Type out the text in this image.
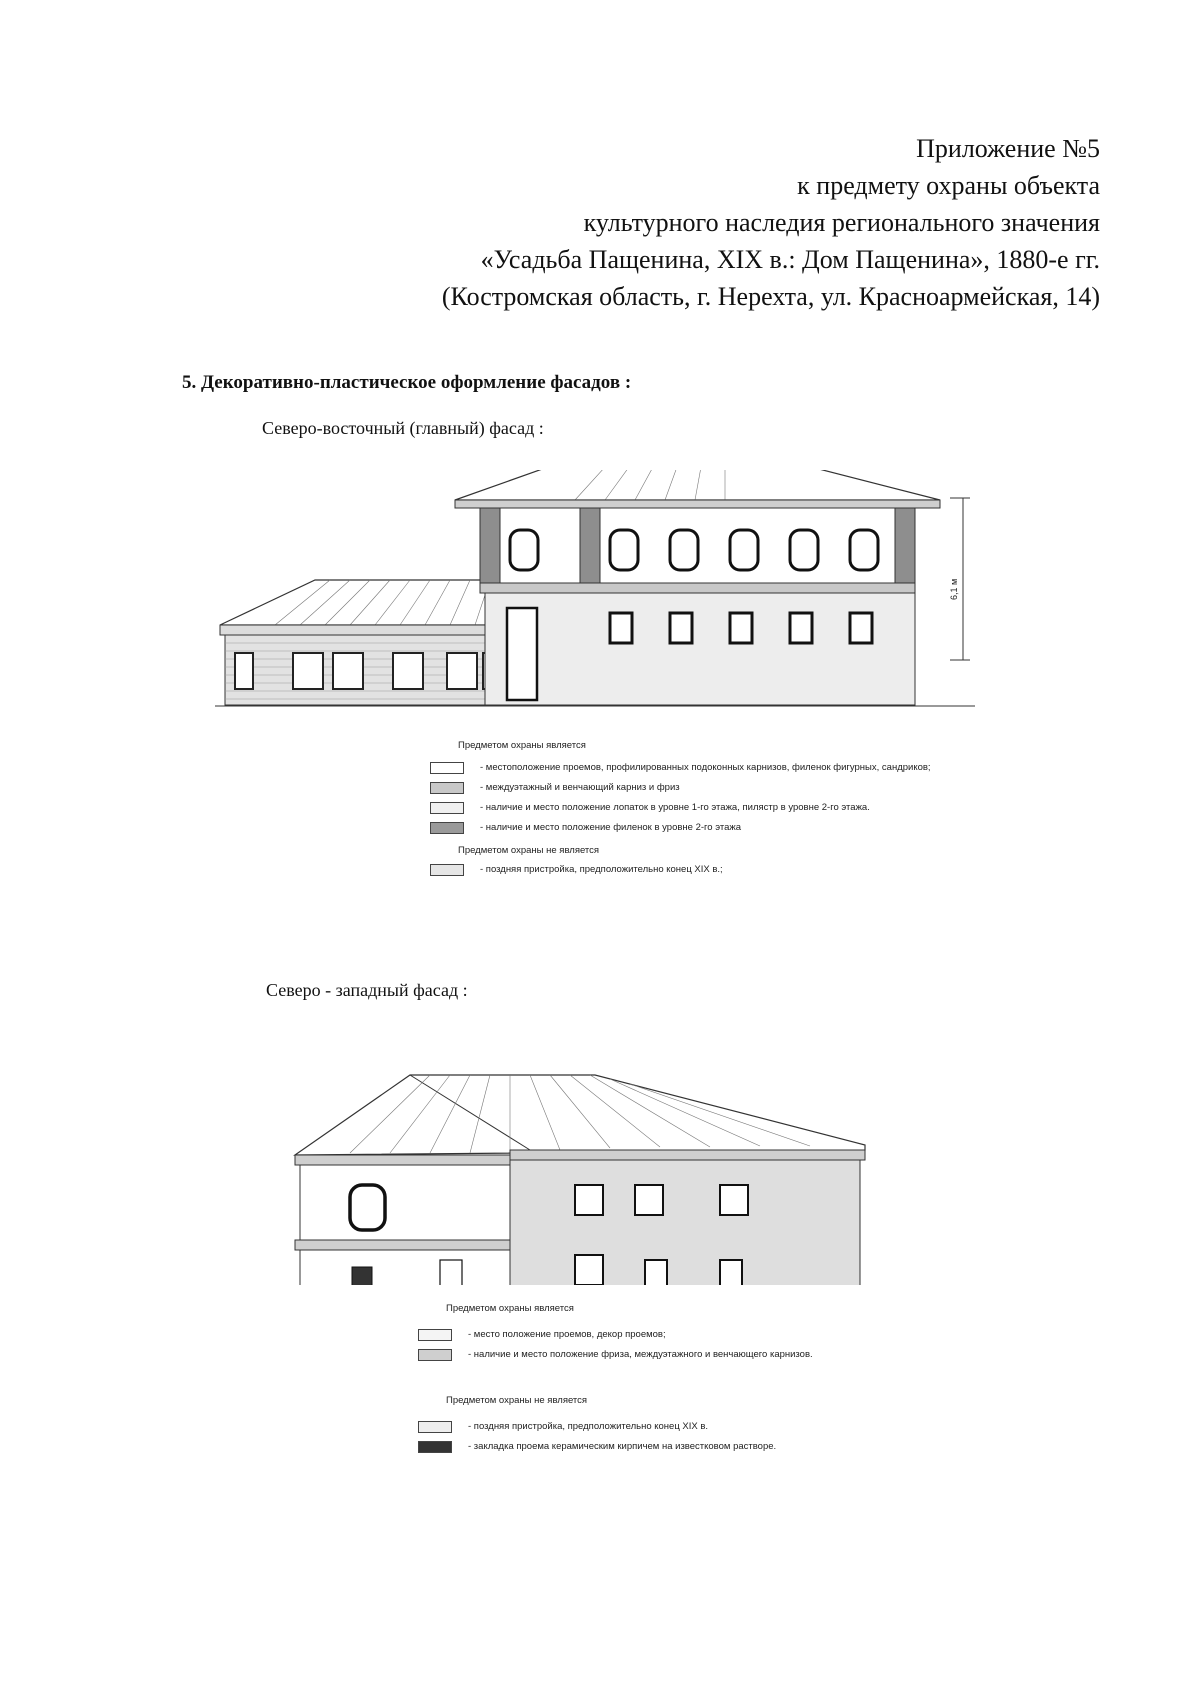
Приложение №5
к предмету охраны объекта
культурного наследия регионального значения
«Усадьба Пащенина, XIX в.: Дом Пащенина», 1880-е гг.
(Костромская область, г. Нерехта, ул. Красноармейская, 14)
5. Декоративно-пластическое оформление фасадов :
Северо-восточный (главный) фасад :
6,1 м
Предметом охраны является
- местоположение проемов, профилированных подоконных карнизов, филенок фигурных, сандриков;
- междуэтажный и венчающий карниз и фриз
- наличие и место положение лопаток в уровне 1-го этажа, пилястр в уровне 2-го этажа.
- наличие и место положение филенок в уровне 2-го этажа
Предметом охраны не является
- поздняя пристройка, предположительно конец XIX в.;
Северо - западный фасад :
Предметом охраны является
- место положение проемов, декор проемов;
- наличие и место положение фриза, междуэтажного и венчающего карнизов.
Предметом охраны не является
- поздняя пристройка, предположительно конец XIX в.
- закладка проема керамическим кирпичем на известковом растворе.
